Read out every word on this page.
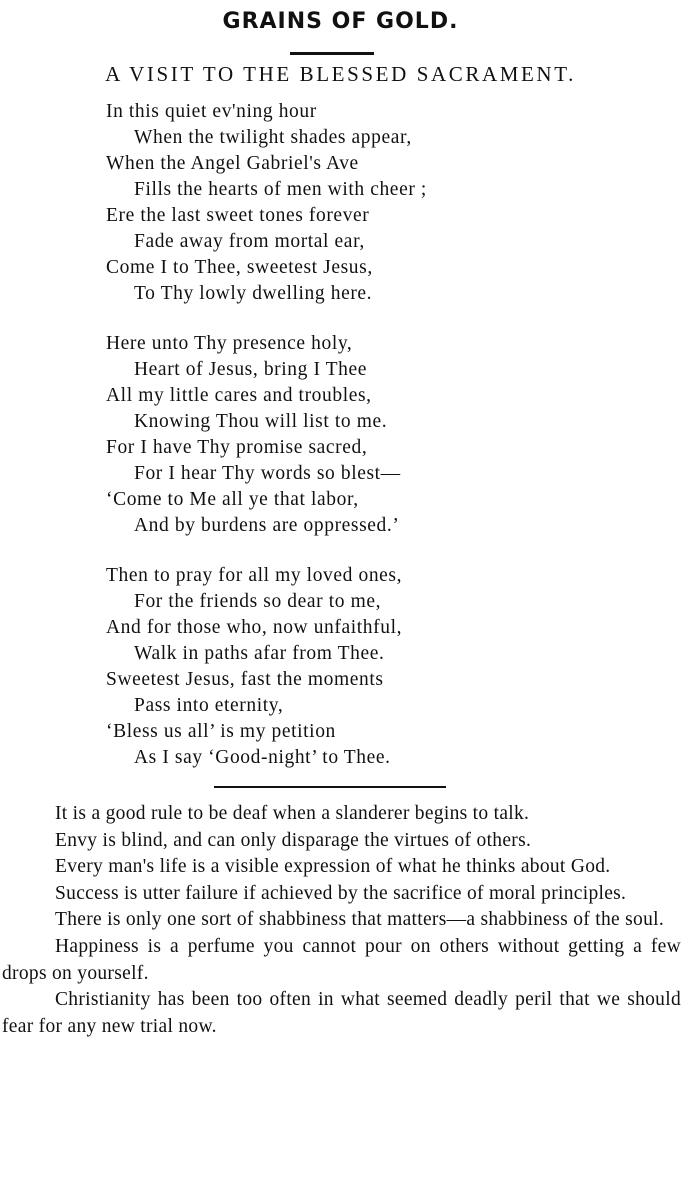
GRAINS OF GOLD.
A VISIT TO THE BLESSED SACRAMENT.
In this quiet ev'ning hour
When the twilight shades appear,
When the Angel Gabriel's Ave
Fills the hearts of men with cheer ;
Ere the last sweet tones forever
Fade away from mortal ear,
Come I to Thee, sweetest Jesus,
To Thy lowly dwelling here.
Here unto Thy presence holy,
Heart of Jesus, bring I Thee
All my little cares and troubles,
Knowing Thou will list to me.
For I have Thy promise sacred,
For I hear Thy words so blest—
‘Come to Me all ye that labor,
And by burdens are oppressed.’
Then to pray for all my loved ones,
For the friends so dear to me,
And for those who, now unfaithful,
Walk in paths afar from Thee.
Sweetest Jesus, fast the moments
Pass into eternity,
‘Bless us all’ is my petition
As I say ‘Good-night’ to Thee.

It is a good rule to be deaf when a slanderer begins to talk.

Envy is blind, and can only disparage the virtues of others.

Every man's life is a visible expression of what he thinks about God.

Success is utter failure if achieved by the sacrifice of moral principles.

There is only one sort of shabbiness that matters—a shabbiness of the soul.

Happiness is a perfume you cannot pour on others without getting a few drops on yourself.

Christianity has been too often in what seemed deadly peril that we should fear for any new trial now.
